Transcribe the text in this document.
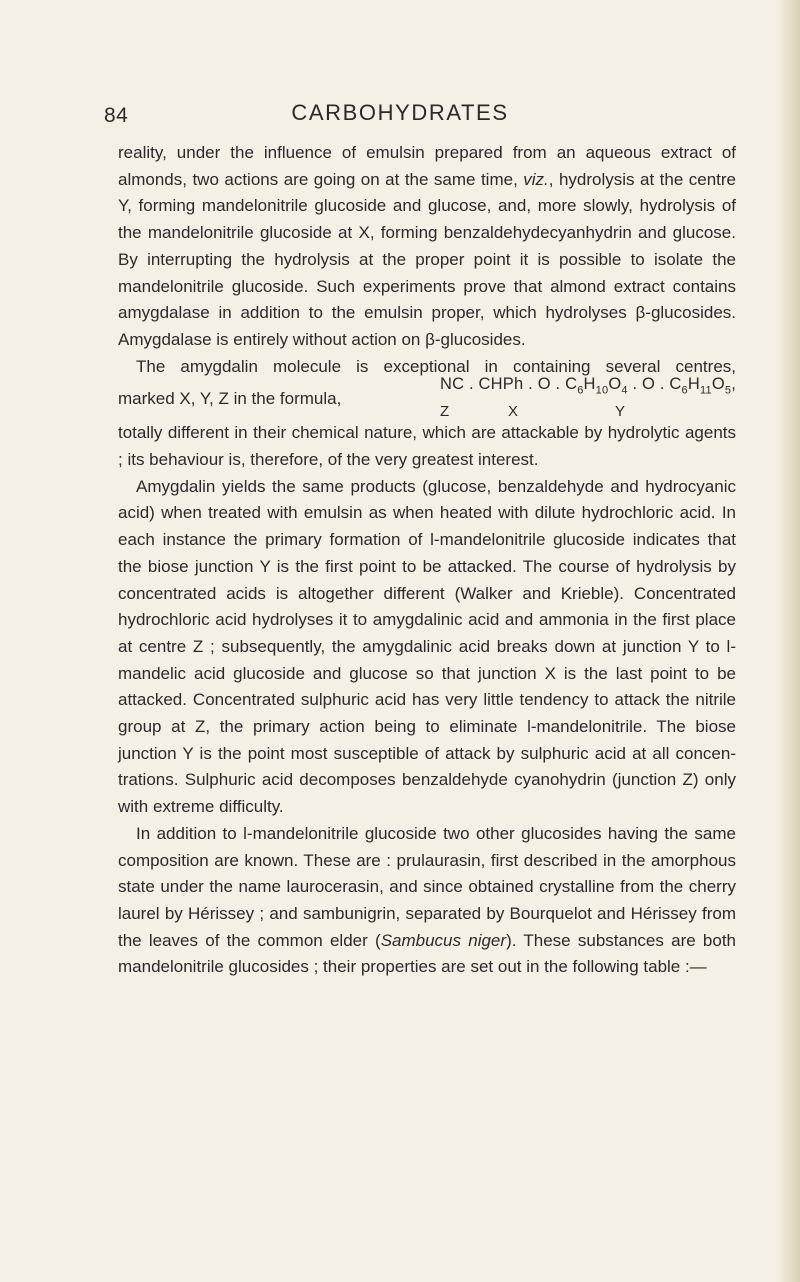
84	CARBOHYDRATES

reality, under the influence of emulsin prepared from an aqueous extract of almonds, two actions are going on at the same time, viz., hydrolysis at the centre Y, forming mandelonitrile glucoside and glucose, and, more slowly, hydrolysis of the mandelonitrile glucoside at X, forming benzaldehydecyanhydrin and glucose. By interrupting the hydrolysis at the proper point it is possible to isolate the mandelonitrile glucoside. Such experiments prove that almond extract contains amygdalase in addition to the emulsin proper, which hydrolyses β-glucosides. Amygdalase is entirely without action on β-glucosides.

The amygdalin molecule is exceptional in containing several centres,

marked X, Y, Z in the formula,
NC . CHPh . O . $C_6H_{10}O_4$ . O . $C_6H_{11}O_5$,
Z	X	Y

totally different in their chemical nature, which are attackable by hydrolytic agents ; its behaviour is, therefore, of the very greatest interest.

Amygdalin yields the same products (glucose, benzaldehyde and hydrocyanic acid) when treated with emulsin as when heated with dilute hydrochloric acid. In each instance the primary formation of l-mandelonitrile glucoside indicates that the biose junction Y is the first point to be attacked. The course of hydrolysis by concentrated acids is altogether different (Walker and Krieble). Concentrated hydrochloric acid hydrolyses it to amygdalinic acid and ammonia in the first place at centre Z ; subsequently, the amygdalinic acid breaks down at junction Y to l-mandelic acid glucoside and glucose so that junction X is the last point to be attacked. Concentrated sulphuric acid has very little tendency to attack the nitrile group at Z, the primary action being to eliminate l-mandelonitrile. The biose junction Y is the point most susceptible of attack by sulphuric acid at all concentrations. Sulphuric acid decomposes benzaldehyde cyanohydrin (junction Z) only with extreme difficulty.

In addition to l-mandelonitrile glucoside two other glucosides having the same composition are known. These are : prulaurasin, first described in the amorphous state under the name laurocerasin, and since obtained crystalline from the cherry laurel by Hérissey ; and sambunigrin, separated by Bourquelot and Hérissey from the leaves of the common elder (Sambucus niger). These substances are both mandelonitrile glucosides ; their properties are set out in the following table :—
